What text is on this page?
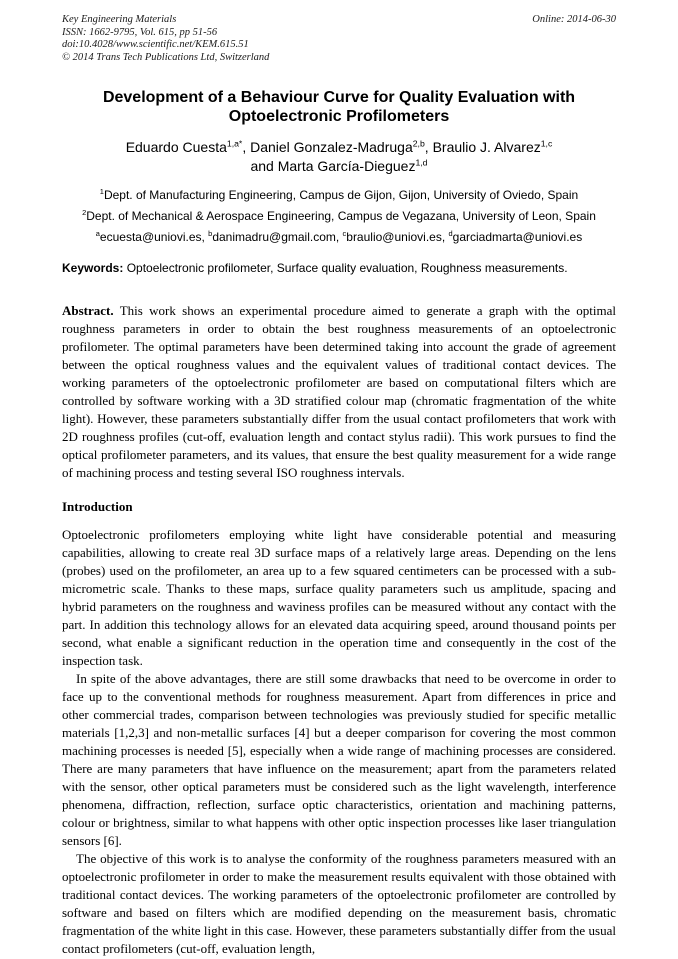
Key Engineering Materials
ISSN: 1662-9795, Vol. 615, pp 51-56
doi:10.4028/www.scientific.net/KEM.615.51
© 2014 Trans Tech Publications Ltd, Switzerland
Online: 2014-06-30
Development of a Behaviour Curve for Quality Evaluation with
Optoelectronic Profilometers
Eduardo Cuesta$^{1,a*}$, Daniel Gonzalez-Madruga$^{2,b}$, Braulio J. Alvarez$^{1,c}$
and Marta García-Dieguez$^{1,d}$
$^1$Dept. of Manufacturing Engineering, Campus de Gijon, Gijon, University of Oviedo, Spain
$^2$Dept. of Mechanical & Aerospace Engineering, Campus de Vegazana, University of Leon, Spain
$^a$ecuesta@uniovi.es, $^b$danimadru@gmail.com, $^c$braulio@uniovi.es, $^d$garciadmarta@uniovi.es
Keywords: Optoelectronic profilometer, Surface quality evaluation, Roughness measurements.

Abstract. This work shows an experimental procedure aimed to generate a graph with the optimal roughness parameters in order to obtain the best roughness measurements of an optoelectronic profilometer. The optimal parameters have been determined taking into account the grade of agreement between the optical roughness values and the equivalent values of traditional contact devices. The working parameters of the optoelectronic profilometer are based on computational filters which are controlled by software working with a 3D stratified colour map (chromatic fragmentation of the white light). However, these parameters substantially differ from the usual contact profilometers that work with 2D roughness profiles (cut-off, evaluation length and contact stylus radii). This work pursues to find the optical profilometer parameters, and its values, that ensure the best quality measurement for a wide range of machining process and testing several ISO roughness intervals.

Introduction

Optoelectronic profilometers employing white light have considerable potential and measuring capabilities, allowing to create real 3D surface maps of a relatively large areas. Depending on the lens (probes) used on the profilometer, an area up to a few squared centimeters can be processed with a sub-micrometric scale. Thanks to these maps, surface quality parameters such us amplitude, spacing and hybrid parameters on the roughness and waviness profiles can be measured without any contact with the part. In addition this technology allows for an elevated data acquiring speed, around thousand points per second, what enable a significant reduction in the operation time and consequently in the cost of the inspection task.

In spite of the above advantages, there are still some drawbacks that need to be overcome in order to face up to the conventional methods for roughness measurement. Apart from differences in price and other commercial trades, comparison between technologies was previously studied for specific metallic materials [1,2,3] and non-metallic surfaces [4] but a deeper comparison for covering the most common machining processes is needed [5], especially when a wide range of machining processes are considered. There are many parameters that have influence on the measurement; apart from the parameters related with the sensor, other optical parameters must be considered such as the light wavelength, interference phenomena, diffraction, reflection, surface optic characteristics, orientation and machining patterns, colour or brightness, similar to what happens with other optic inspection processes like laser triangulation sensors [6].

The objective of this work is to analyse the conformity of the roughness parameters measured with an optoelectronic profilometer in order to make the measurement results equivalent with those obtained with traditional contact devices. The working parameters of the optoelectronic profilometer are controlled by software and based on filters which are modified depending on the measurement basis, chromatic fragmentation of the white light in this case. However, these parameters substantially differ from the usual contact profilometers (cut-off, evaluation length,
